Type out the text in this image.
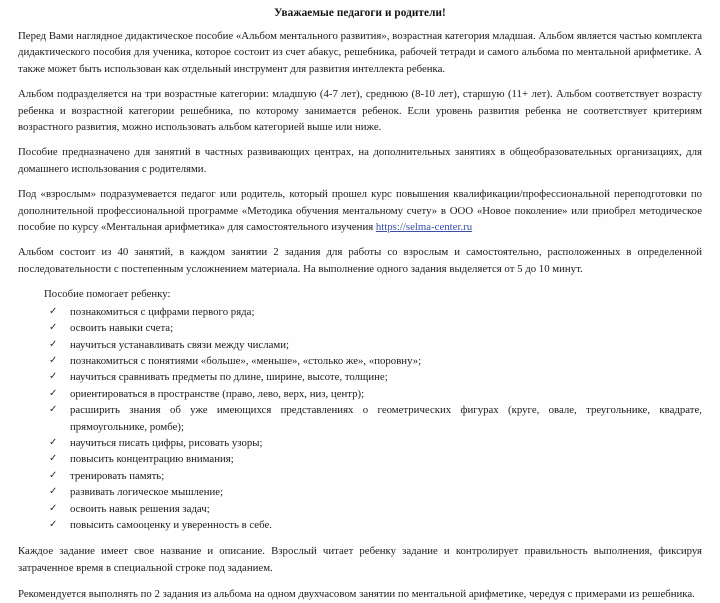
Уважаемые педагоги и родители!

Перед Вами наглядное дидактическое пособие «Альбом ментального развития», возрастная категория младшая. Альбом является частью комплекта дидактического пособия для ученика, которое состоит из счет абакус, решебника, рабочей тетради и самого альбома по ментальной арифметике. А также может быть использован как отдельный инструмент для развития интеллекта ребенка.

Альбом подразделяется на три возрастные категории: младшую (4-7 лет), среднюю (8-10 лет), старшую (11+ лет). Альбом соответствует возрасту ребенка и возрастной категории решебника, по которому занимается ребенок. Если уровень развития ребенка не соответствует критериям возрастного развития, можно использовать альбом категорией выше или ниже.

Пособие предназначено для занятий в частных развивающих центрах, на дополнительных занятиях в общеобразовательных организациях, для домашнего использования с родителями.

Под «взрослым» подразумевается педагог или родитель, который прошел курс повышения квалификации/профессиональной переподготовки по дополнительной профессиональной программе «Методика обучения ментальному счету» в ООО «Новое поколение» или приобрел методическое пособие по курсу «Ментальная арифметика» для самостоятельного изучения https://selma-center.ru

Альбом состоит из 40 занятий, в каждом занятии 2 задания для работы со взрослым и самостоятельно, расположенных в определенной последовательности с постепенным усложнением материала. На выполнение одного задания выделяется от 5 до 10 минут.

Пособие помогает ребенку:
✓ познакомиться с цифрами первого ряда;
✓ освоить навыки счета;
✓ научиться устанавливать связи между числами;
✓ познакомиться с понятиями «больше», «меньше», «столько же», «поровну»;
✓ научиться сравнивать предметы по длине, ширине, высоте, толщине;
✓ ориентироваться в пространстве (право, лево, верх, низ, центр);
✓ расширить знания об уже имеющихся представлениях о геометрических фигурах (круге, овале, треугольнике, квадрате, прямоугольнике, ромбе);
✓ научиться писать цифры, рисовать узоры;
✓ повысить концентрацию внимания;
✓ тренировать память;
✓ развивать логическое мышление;
✓ освоить навык решения задач;
✓ повысить самооценку и уверенность в себе.

Каждое задание имеет свое название и описание. Взрослый читает ребенку задание и контролирует правильность выполнения, фиксируя затраченное время в специальной строке под заданием.

Рекомендуется выполнять по 2 задания из альбома на одном двухчасовом занятии по ментальной арифметике, чередуя с примерами из решебника.

Avito
